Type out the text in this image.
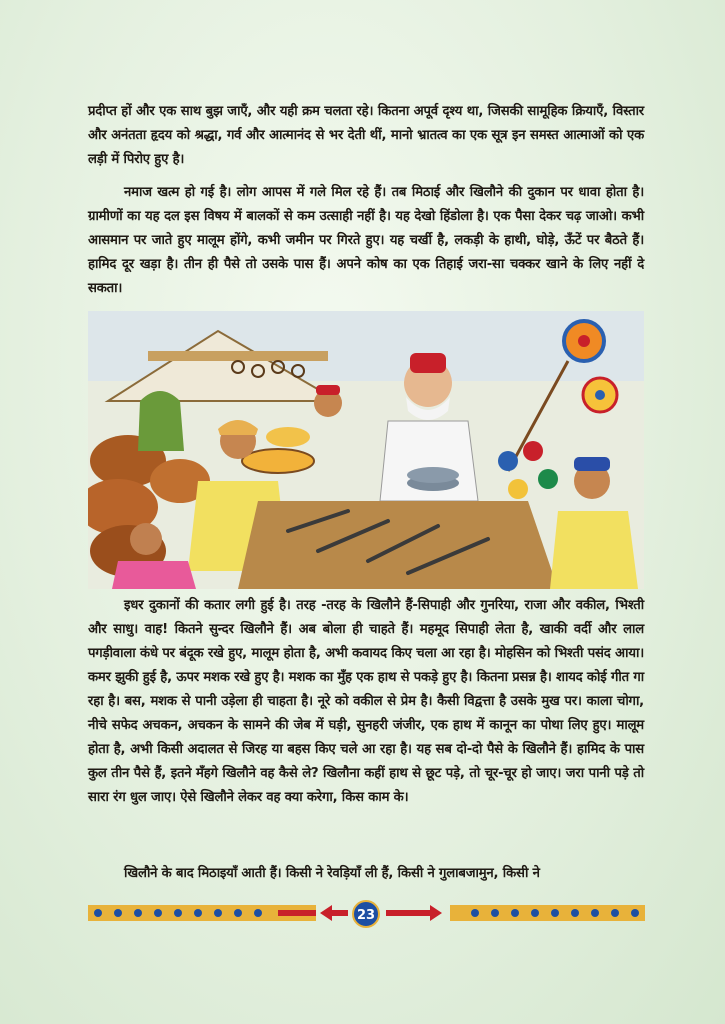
प्रदीप्त हों और एक साथ बुझ जाएँ, और यही क्रम चलता रहे। कितना अपूर्व दृश्य था, जिसकी सामूहिक क्रियाएँ, विस्तार और अनंतता हृदय को श्रद्धा, गर्व और आत्मानंद से भर देती थीं, मानो भ्रातत्व का एक सूत्र इन समस्त आत्माओं को एक लड़ी में पिरोए हुए है।

नमाज खत्म हो गई है। लोग आपस में गले मिल रहे हैं। तब मिठाई और खिलौने की दुकान पर धावा होता है। ग्रामीणों का यह दल इस विषय में बालकों से कम उत्साही नहीं है। यह देखो हिंडोला है। एक पैसा देकर चढ़ जाओ। कभी आसमान पर जाते हुए मालूम होंगे, कभी जमीन पर गिरते हुए। यह चर्खी है, लकड़ी के हाथी, घोड़े, ऊँटें पर बैठते हैं। हामिद दूर खड़ा है। तीन ही पैसे तो उसके पास हैं। अपने कोष का एक तिहाई जरा-सा चक्कर खाने के लिए नहीं दे सकता।

इधर दुकानों की कतार लगी हुई है। तरह -तरह के खिलौने हैं-सिपाही और गुनरिया, राजा और वकील, भिश्ती और साधु। वाह! कितने सुन्दर खिलौने हैं। अब बोला ही चाहते हैं। महमूद सिपाही लेता है, खाकी वर्दी और लाल पगड़ीवाला कंधे पर बंदूक रखे हुए, मालूम होता है, अभी कवायद किए चला आ रहा है। मोहसिन को भिश्ती पसंद आया। कमर झुकी हुई है, ऊपर मशक रखे हुए है। मशक का मुँह एक हाथ से पकड़े हुए है। कितना प्रसन्न है। शायद कोई गीत गा रहा है। बस, मशक से पानी उड़ेला ही चाहता है। नूरे को वकील से प्रेम है। कैसी विद्वत्ता है उसके मुख पर। काला चोगा, नीचे सफेद अचकन, अचकन के सामने की जेब में घड़ी, सुनहरी जंजीर, एक हाथ में कानून का पोथा लिए हुए। मालूम होता है, अभी किसी अदालत से जिरह या बहस किए चले आ रहा है। यह सब दो-दो पैसे के खिलौने हैं। हामिद के पास कुल तीन पैसे हैं, इतने मँहगे खिलौने वह कैसे ले? खिलौना कहीं हाथ से छूट पड़े, तो चूर-चूर हो जाए। जरा पानी पड़े तो सारा रंग धुल जाए। ऐसे खिलौने लेकर वह क्या करेगा, किस काम के।

खिलौने के बाद मिठाइयाँ आती हैं। किसी ने रेवड़ियाँ ली हैं, किसी ने गुलाबजामुन, किसी ने

23
